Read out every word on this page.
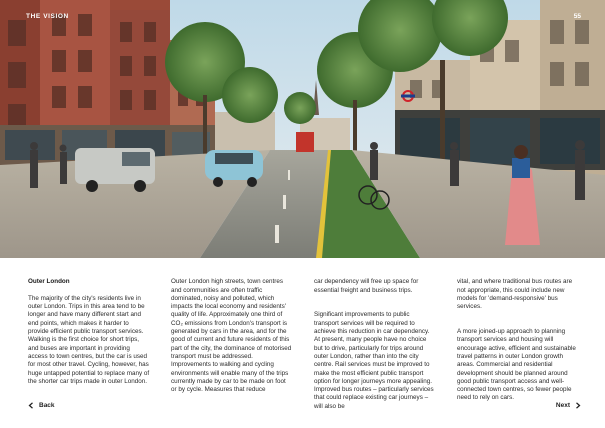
THE VISION	55

Outer London

The majority of the city's residents live in outer London. Trips in this area tend to be longer and have many different start and end points, which makes it harder to provide efficient public transport services. Walking is the first choice for short trips, and buses are important in providing access to town centres, but the car is used for most other travel. Cycling, however, has huge untapped potential to replace many of the shorter car trips made in outer London.

Outer London high streets, town centres and communities are often traffic dominated, noisy and polluted, which impacts the local economy and residents' quality of life. Approximately one third of CO₂ emissions from London's transport is generated by cars in the area, and for the good of current and future residents of this part of the city, the dominance of motorised transport must be addressed. Improvements to walking and cycling environments will enable many of the trips currently made by car to be made on foot or by cycle. Measures that reduce

car dependency will free up space for essential freight and business trips.

Significant improvements to public transport services will be required to achieve this reduction in car dependency. At present, many people have no choice but to drive, particularly for trips around outer London, rather than into the city centre. Rail services must be improved to make the most efficient public transport option for longer journeys more appealing. Improved bus routes – particularly services that could replace existing car journeys – will also be

vital, and where traditional bus routes are not appropriate, this could include new models for 'demand-responsive' bus services.

A more joined-up approach to planning transport services and housing will encourage active, efficient and sustainable travel patterns in outer London growth areas. Commercial and residential development should be planned around good public transport access and well-connected town centres, so fewer people need to rely on cars.

Back	Next
